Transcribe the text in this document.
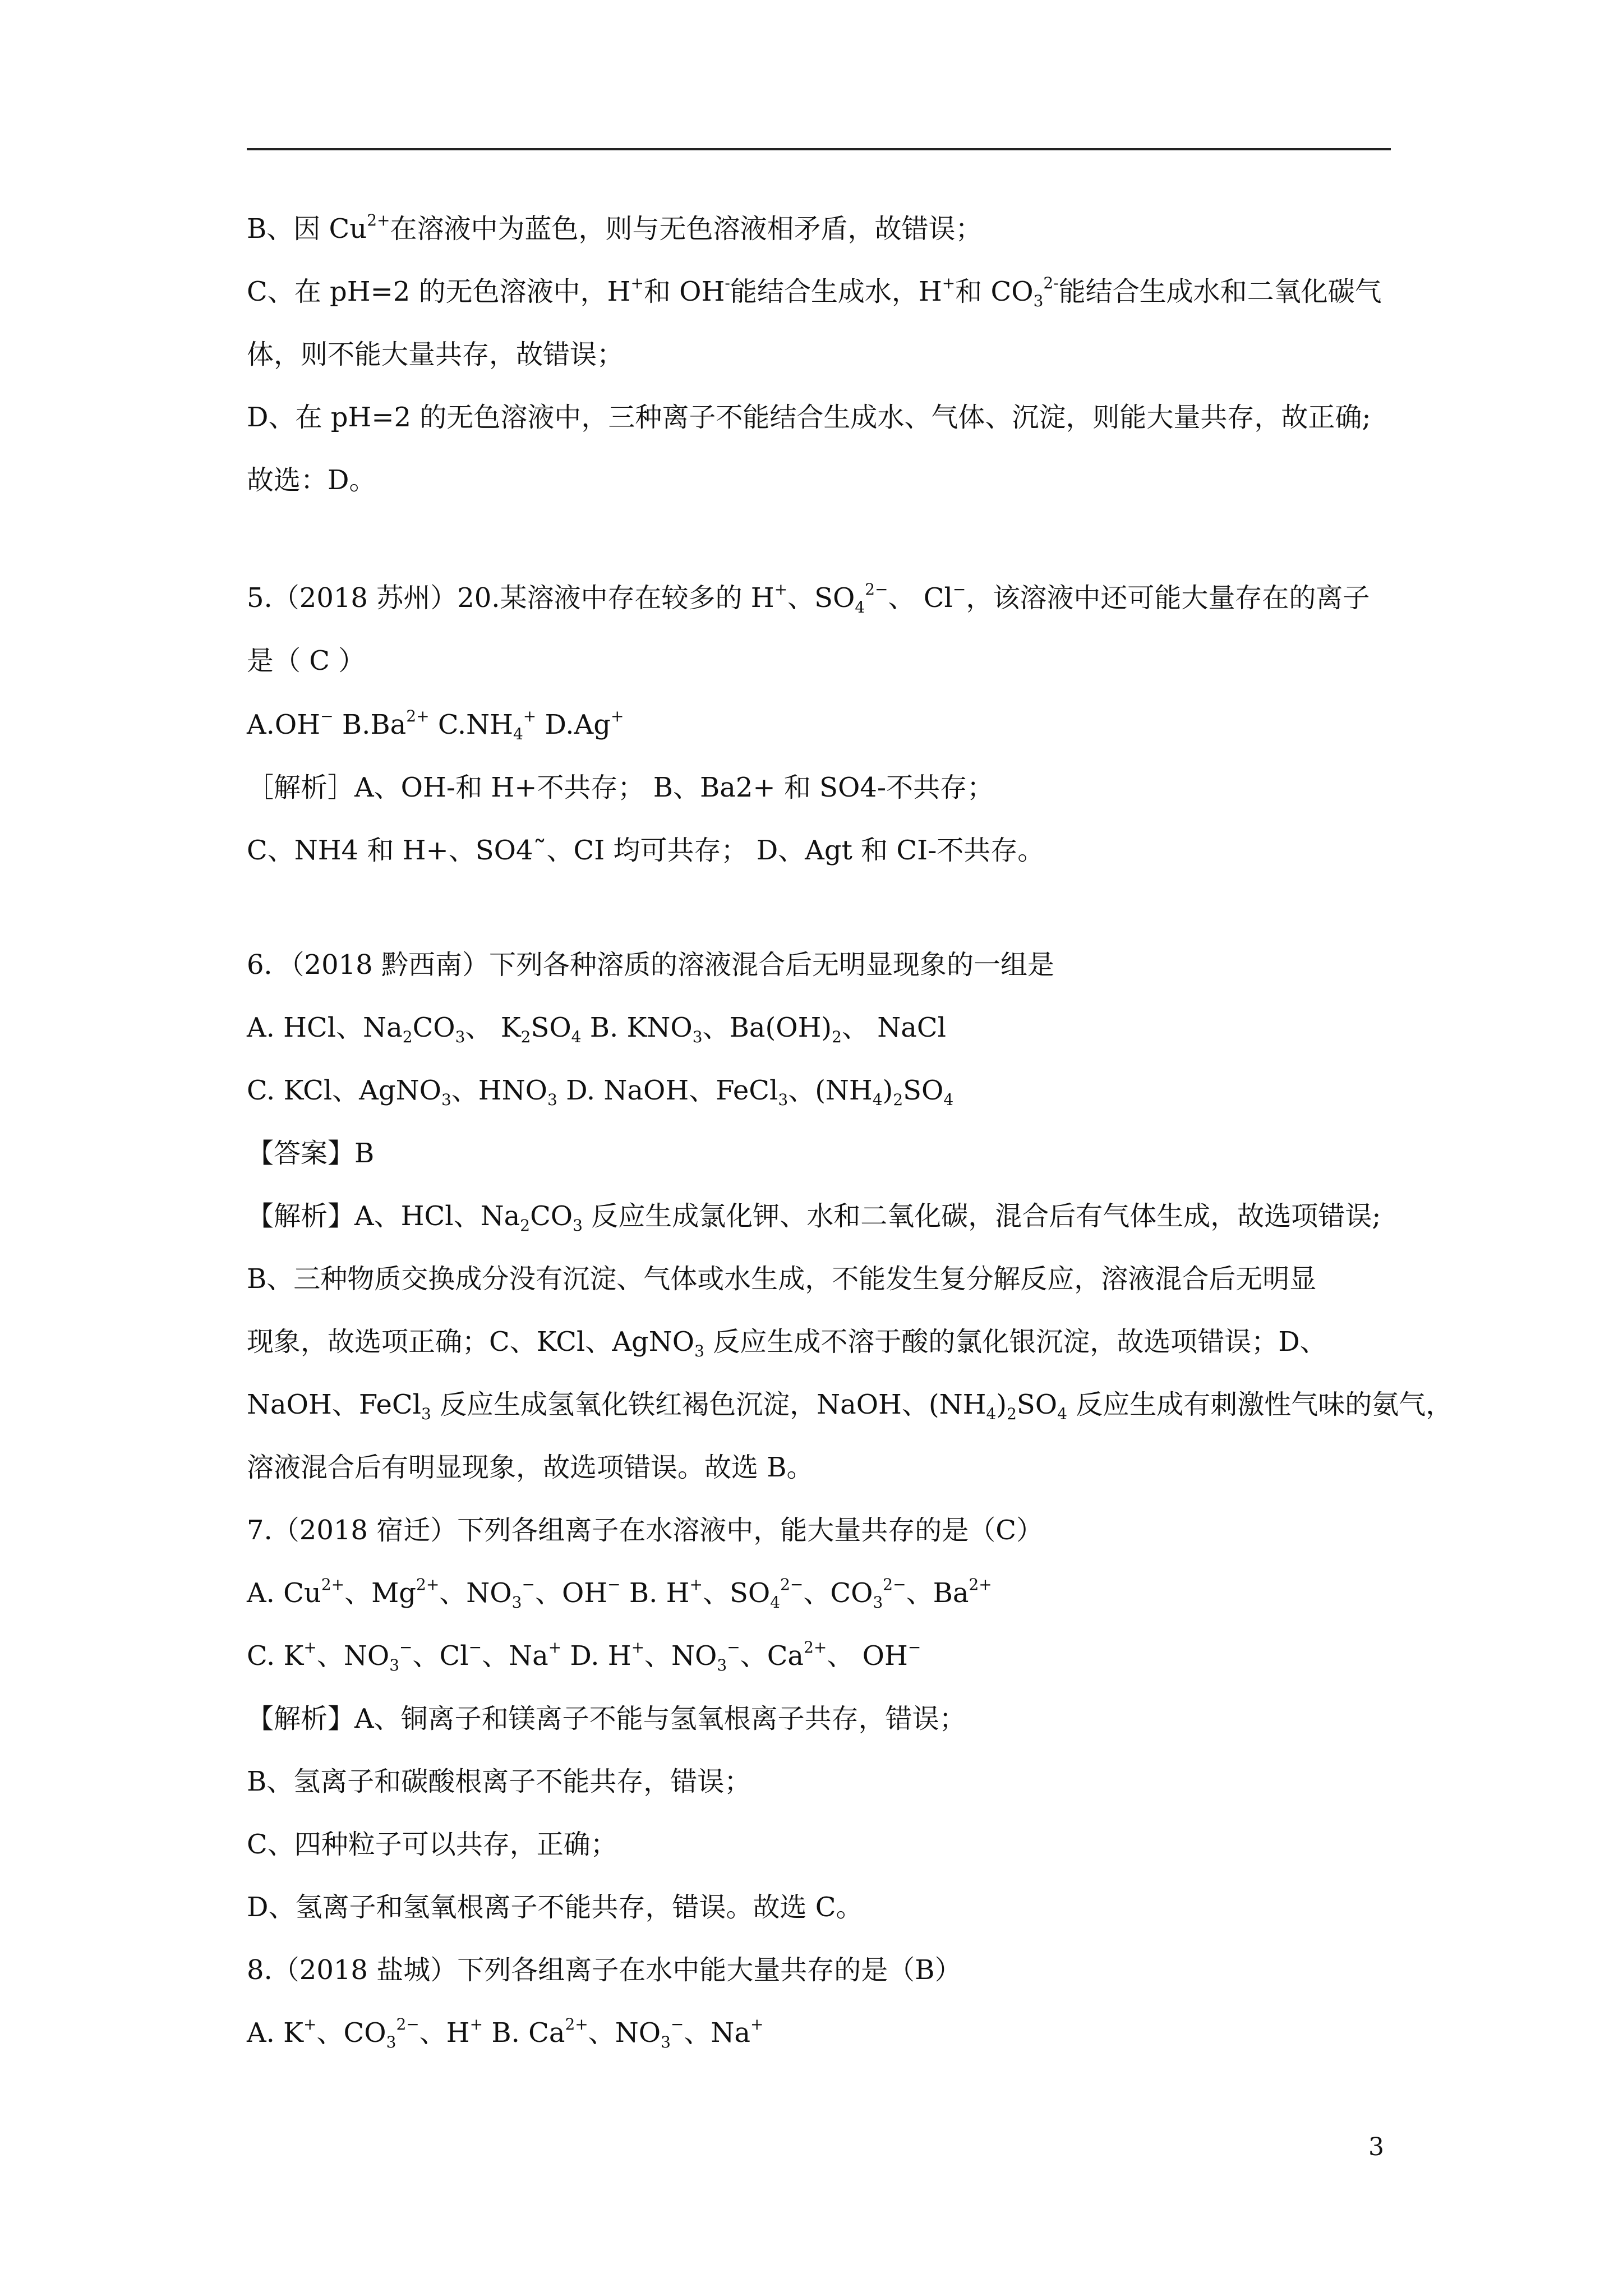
B、因 $Cu^{2+}$在溶液中为蓝色，则与无色溶液相矛盾，故错误；
C、在 pH=2 的无色溶液中，H+和 OH-能结合生成水，H+和 $CO_3^{2-}$能结合生成水和二氧化碳气
体，则不能大量共存，故错误；
D、在 pH=2 的无色溶液中，三种离子不能结合生成水、气体、沉淀，则能大量共存，故正确;
故选：D。
5.（2018 苏州）20.某溶液中存在较多的 H+、$SO_4^{2-}$、 Cl−，该溶液中还可能大量存在的离子
是（ C ）
A.OH− $B.Ba^{2+}$ $C.NH_4^+$ D.Ag+
［解析］A、OH-和 H+不共存； B、Ba2+ 和 SO4-不共存；
C、NH4 和 H+、SO4˜、CI 均可共存； D、Agt 和 CI-不共存。
6．（2018 黔西南）下列各种溶质的溶液混合后无明显现象的一组是
A. HCl、$Na_2CO_3$、 $K_2SO_4$ B. $KNO_3$、$Ba(OH)_2$、 NaCl
C. KCl、AgNO$_3$、$HNO_3$ D. NaOH、FeCl$_3$、$(NH_4)_2SO_4$
【答案】B
【解析】A、HCl、$Na_2CO_3$ 反应生成氯化钾、水和二氧化碳，混合后有气体生成，故选项错误;
B、三种物质交换成分没有沉淀、气体或水生成，不能发生复分解反应，溶液混合后无明显
现象，故选项正确；C、KCl、AgNO$_3$ 反应生成不溶于酸的氯化银沉淀，故选项错误；D、
NaOH、FeCl$_3$ 反应生成氢氧化铁红褐色沉淀，NaOH、$(NH_4)_2SO_4$ 反应生成有刺激性气味的氨气，
溶液混合后有明显现象，故选项错误。故选 B。
7.（2018 宿迁）下列各组离子在水溶液中，能大量共存的是（C）
A. $Cu^{2+}$、$Mg^{2+}$、$NO_3^-$、OH− B. H+、$SO_4^{2-}$、$CO_3^{2-}$、$Ba^{2+}$
C. K+、$NO_3^-$、Cl−、Na+ D. H+、$NO_3^-$、$Ca^{2+}$、 OH−
【解析】A、铜离子和镁离子不能与氢氧根离子共存，错误；
B、氢离子和碳酸根离子不能共存，错误；
C、四种粒子可以共存，正确；
D、氢离子和氢氧根离子不能共存，错误。故选 C。
8.（2018 盐城）下列各组离子在水中能大量共存的是（B）
A. K+、$CO_3^{2-}$、H+ B. $Ca^{2+}$、$NO_3^-$、Na+
3
